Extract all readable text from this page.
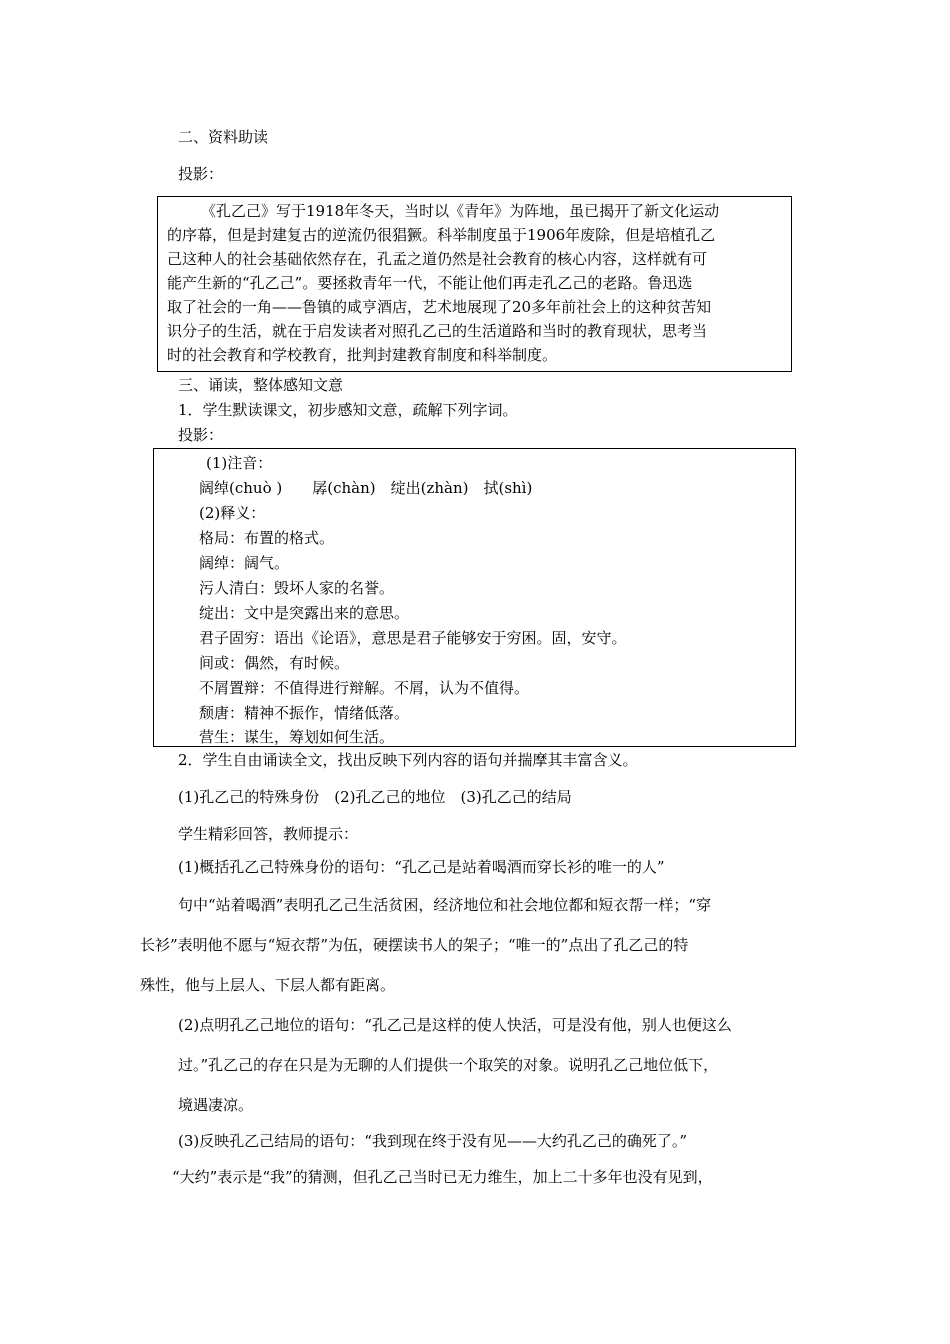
二、资料助读
投影：
《孔乙己》写于1918年冬天，当时以《青年》为阵地，虽已揭开了新文化运动
的序幕，但是封建复古的逆流仍很猖獗。科举制度虽于1906年废除，但是培植孔乙
己这种人的社会基础依然存在，孔孟之道仍然是社会教育的核心内容，这样就有可
能产生新的“孔乙己”。要拯救青年一代，不能让他们再走孔乙己的老路。鲁迅选
取了社会的一角——鲁镇的咸亨酒店，艺术地展现了20多年前社会上的这种贫苦知
识分子的生活，就在于启发读者对照孔乙己的生活道路和当时的教育现状，思考当
时的社会教育和学校教育，批判封建教育制度和科举制度。
三、诵读，整体感知文意
1．学生默读课文，初步感知文意，疏解下列字词。
投影：
(1)注音：
阔绰(chuò )　　孱(chàn)　绽出(zhàn)　拭(shì)
(2)释义：
格局：布置的格式。
阔绰：阔气。
污人清白：毁坏人家的名誉。
绽出：文中是突露出来的意思。
君子固穷：语出《论语》，意思是君子能够安于穷困。固，安守。
间或：偶然，有时候。
不屑置辩：不值得进行辩解。不屑，认为不值得。
颓唐：精神不振作，情绪低落。
营生：谋生，筹划如何生活。
2．学生自由诵读全文，找出反映下列内容的语句并揣摩其丰富含义。
(1)孔乙己的特殊身份　(2)孔乙己的地位　(3)孔乙己的结局
学生精彩回答，教师提示：
(1)概括孔乙己特殊身份的语句：“孔乙己是站着喝酒而穿长衫的唯一的人”
句中“站着喝酒”表明孔乙己生活贫困，经济地位和社会地位都和短衣帮一样；“穿
长衫”表明他不愿与“短衣帮”为伍，硬摆读书人的架子；“唯一的”点出了孔乙己的特
殊性，他与上层人、下层人都有距离。
(2)点明孔乙己地位的语句：“孔乙己是这样的使人快活，可是没有他，别人也便这么
过。”孔乙己的存在只是为无聊的人们提供一个取笑的对象。说明孔乙己地位低下，
境遇凄凉。
(3)反映孔乙己结局的语句：“我到现在终于没有见——大约孔乙己的确死了。”
“大约”表示是“我”的猜测，但孔乙己当时已无力维生，加上二十多年也没有见到，
